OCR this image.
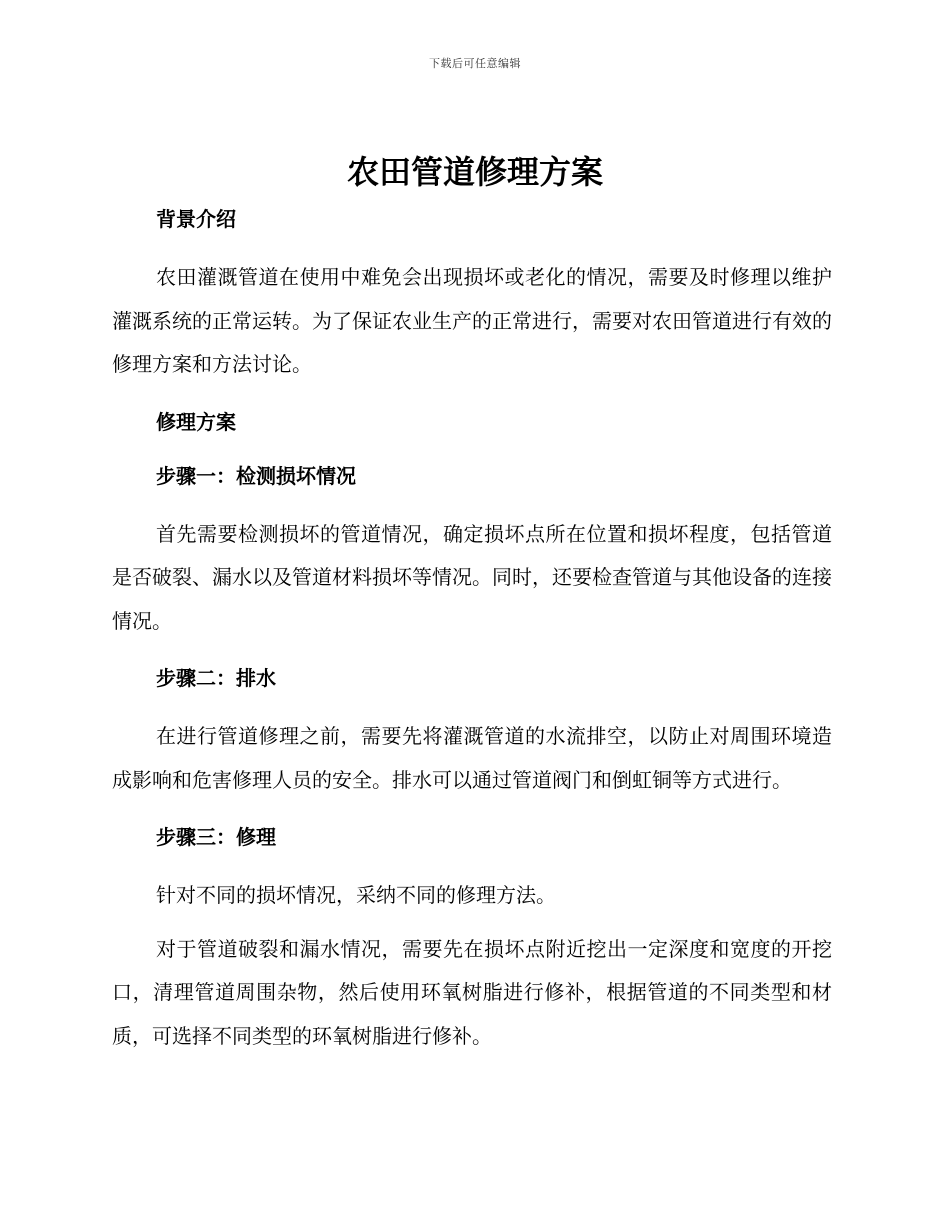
下载后可任意编辑
农田管道修理方案

背景介绍

农田灌溉管道在使用中难免会出现损坏或老化的情况，需要及时修理以维护灌溉系统的正常运转。为了保证农业生产的正常进行，需要对农田管道进行有效的修理方案和方法讨论。

修理方案

步骤一：检测损坏情况

首先需要检测损坏的管道情况，确定损坏点所在位置和损坏程度，包括管道是否破裂、漏水以及管道材料损坏等情况。同时，还要检查管道与其他设备的连接情况。

步骤二：排水

在进行管道修理之前，需要先将灌溉管道的水流排空，以防止对周围环境造成影响和危害修理人员的安全。排水可以通过管道阀门和倒虹铜等方式进行。

步骤三：修理

针对不同的损坏情况，采纳不同的修理方法。

对于管道破裂和漏水情况，需要先在损坏点附近挖出一定深度和宽度的开挖口，清理管道周围杂物，然后使用环氧树脂进行修补，根据管道的不同类型和材质，可选择不同类型的环氧树脂进行修补。
